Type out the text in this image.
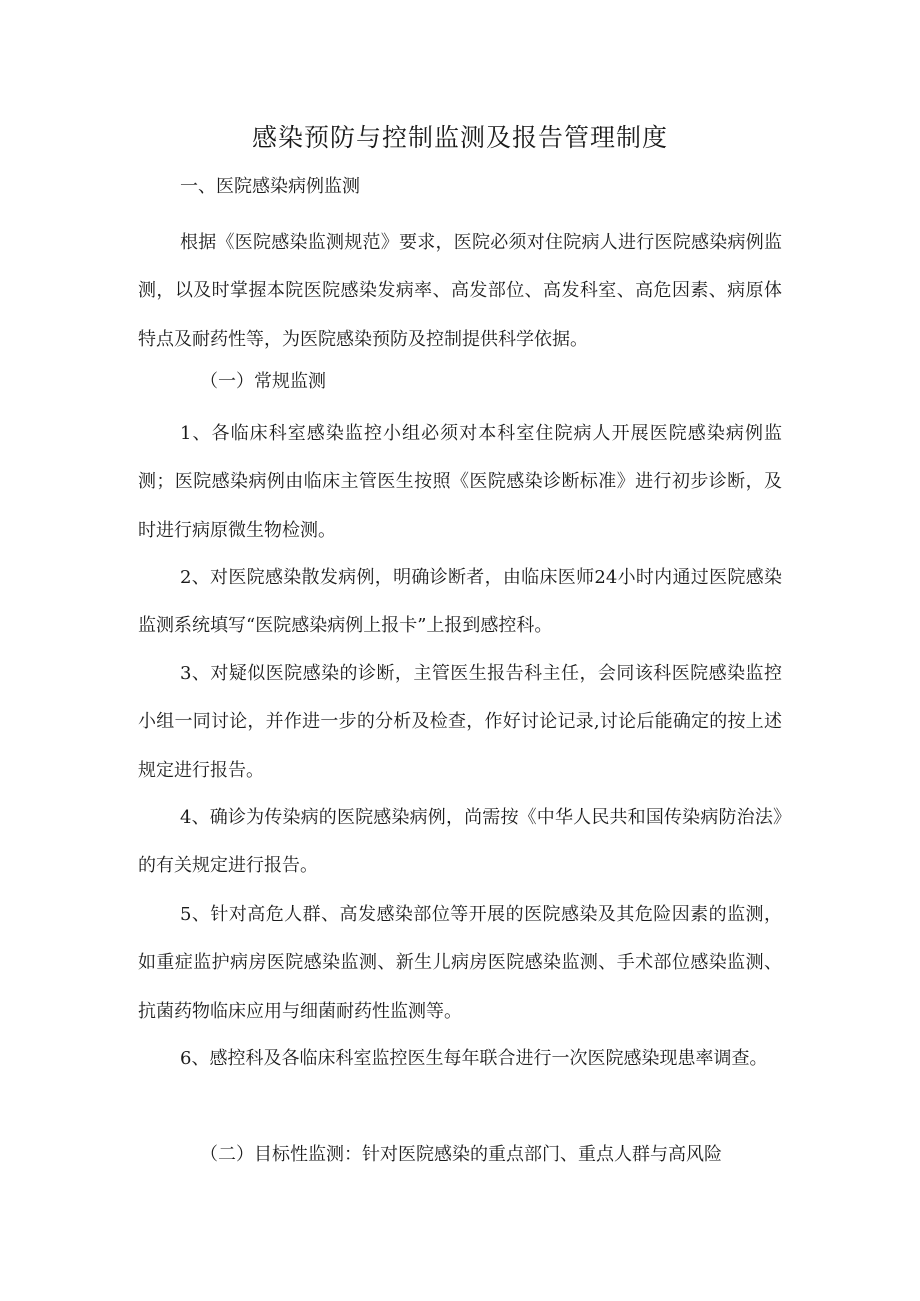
感染预防与控制监测及报告管理制度
一、医院感染病例监测

根据《医院感染监测规范》要求，医院必须对住院病人进行医院感染病例监测，以及时掌握本院医院感染发病率、高发部位、高发科室、高危因素、病原体特点及耐药性等，为医院感染预防及控制提供科学依据。

（一）常规监测

1、各临床科室感染监控小组必须对本科室住院病人开展医院感染病例监测；医院感染病例由临床主管医生按照《医院感染诊断标准》进行初步诊断，及时进行病原微生物检测。

2、对医院感染散发病例，明确诊断者，由临床医师24小时内通过医院感染监测系统填写“医院感染病例上报卡”上报到感控科。

3、对疑似医院感染的诊断，主管医生报告科主任，会同该科医院感染监控小组一同讨论，并作进一步的分析及检查，作好讨论记录,讨论后能确定的按上述规定进行报告。

4、确诊为传染病的医院感染病例，尚需按《中华人民共和国传染病防治法》的有关规定进行报告。

5、针对高危人群、高发感染部位等开展的医院感染及其危险因素的监测，如重症监护病房医院感染监测、新生儿病房医院感染监测、手术部位感染监测、抗菌药物临床应用与细菌耐药性监测等。

6、感控科及各临床科室监控医生每年联合进行一次医院感染现患率调查。

（二）目标性监测：针对医院感染的重点部门、重点人群与高风险
